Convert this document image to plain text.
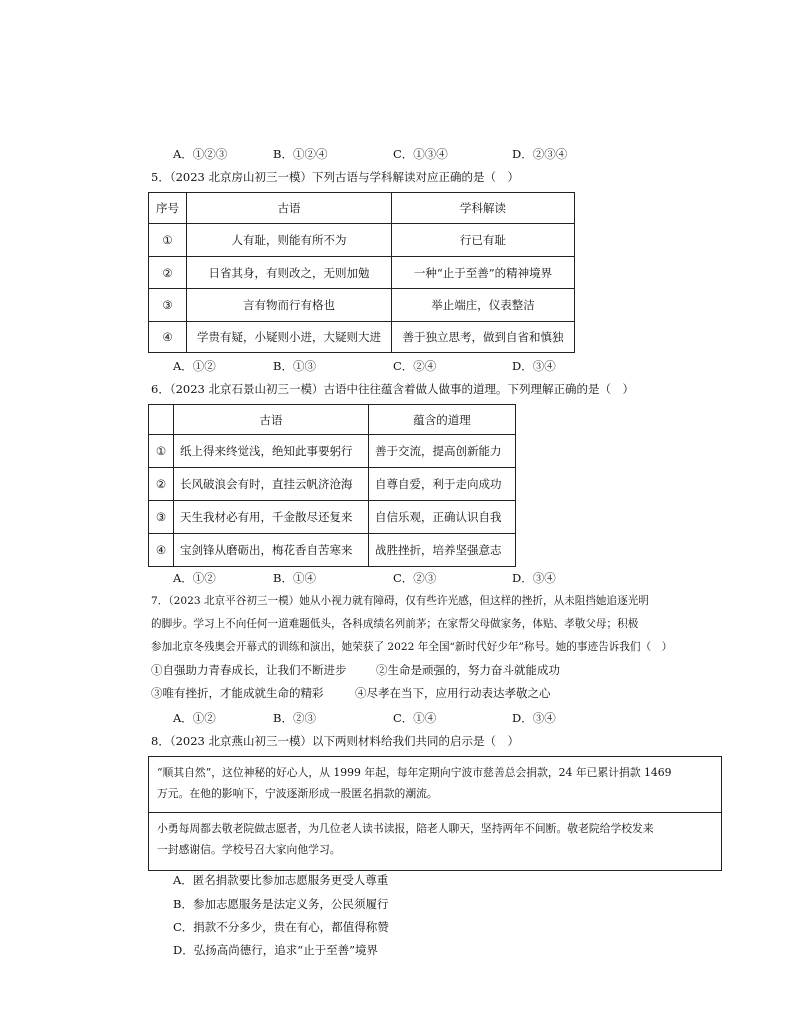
A．①②③	B．①②④	C．①③④	D．②③④
5．（2023 北京房山初三一模）下列古语与学科解读对应正确的是（　）
序号	古语	学科解读
①	人有耻，则能有所不为	行已有耻
②	日省其身，有则改之，无则加勉	一种“止于至善”的精神境界
③	言有物而行有格也	举止端庄，仪表整洁
④	学贵有疑，小疑则小进，大疑则大进	善于独立思考，做到自省和慎独
A．①②	B．①③	C．②④	D．③④
6．（2023 北京石景山初三一模）古语中往往蕴含着做人做事的道理。下列理解正确的是（　）
	古语	蕴含的道理
①	纸上得来终觉浅，绝知此事要躬行	善于交流，提高创新能力
②	长风破浪会有时，直挂云帆济沧海	自尊自爱，利于走向成功
③	天生我材必有用，千金散尽还复来	自信乐观，正确认识自我
④	宝剑锋从磨砺出，梅花香自苦寒来	战胜挫折，培养坚强意志
A．①②	B．①④	C．②③	D．③④
7．（2023 北京平谷初三一模）她从小视力就有障碍，仅有些许光感，但这样的挫折，从未阻挡她追逐光明
的脚步。学习上不向任何一道难题低头，各科成绩名列前茅；在家帮父母做家务，体贴、孝敬父母；积极
参加北京冬残奥会开幕式的训练和演出，她荣获了 2022 年全国“新时代好少年”称号。她的事迹告诉我们（　）
①自强助力青春成长，让我们不断进步	②生命是顽强的，努力奋斗就能成功
③唯有挫折，才能成就生命的精彩	④尽孝在当下，应用行动表达孝敬之心
A．①②	B．②③	C．①④	D．③④
8．（2023 北京燕山初三一模）以下两则材料给我们共同的启示是（　）
“顺其自然”，这位神秘的好心人，从 1999 年起，每年定期向宁波市慈善总会捐款，24 年已累计捐款 1469
万元。在他的影响下，宁波逐渐形成一股匿名捐款的潮流。
小勇每周都去敬老院做志愿者，为几位老人读书读报，陪老人聊天，坚持两年不间断。敬老院给学校发来
一封感谢信。学校号召大家向他学习。
A．匿名捐款要比参加志愿服务更受人尊重
B．参加志愿服务是法定义务，公民须履行
C．捐款不分多少，贵在有心，都值得称赞
D．弘扬高尚德行，追求“止于至善”境界
